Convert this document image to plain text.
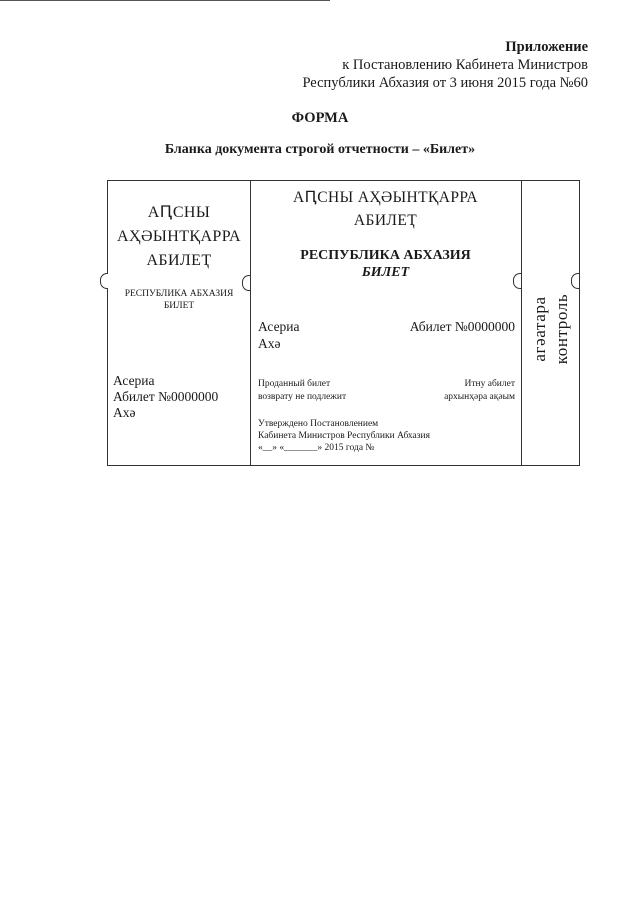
Приложение
к Постановлению Кабинета Министров
Республики Абхазия от 3 июня 2015 года №60
ФОРМА
Бланка документа строгой отчетности – «Билет»
АԤСНЫ
АҲӘЫНТҚАРРА
АБИЛЕҬ
РЕСПУБЛИКА АБХАЗИЯ
БИЛЕТ
Асериа
Абилет №0000000
Ахә
АԤСНЫ АҲӘЫНТҚАРРА
АБИЛЕҬ
РЕСПУБЛИКА АБХАЗИЯ
БИЛЕТ
Асериа
Ахә
Абилет №0000000
Проданный билет
возврату не подлежит
Итну абилет
архынҳәра ақәым
Утверждено Постановлением
Кабинета Министров Республики Абхазия
«__» «_______» 2015 года №
агәатара контроль
